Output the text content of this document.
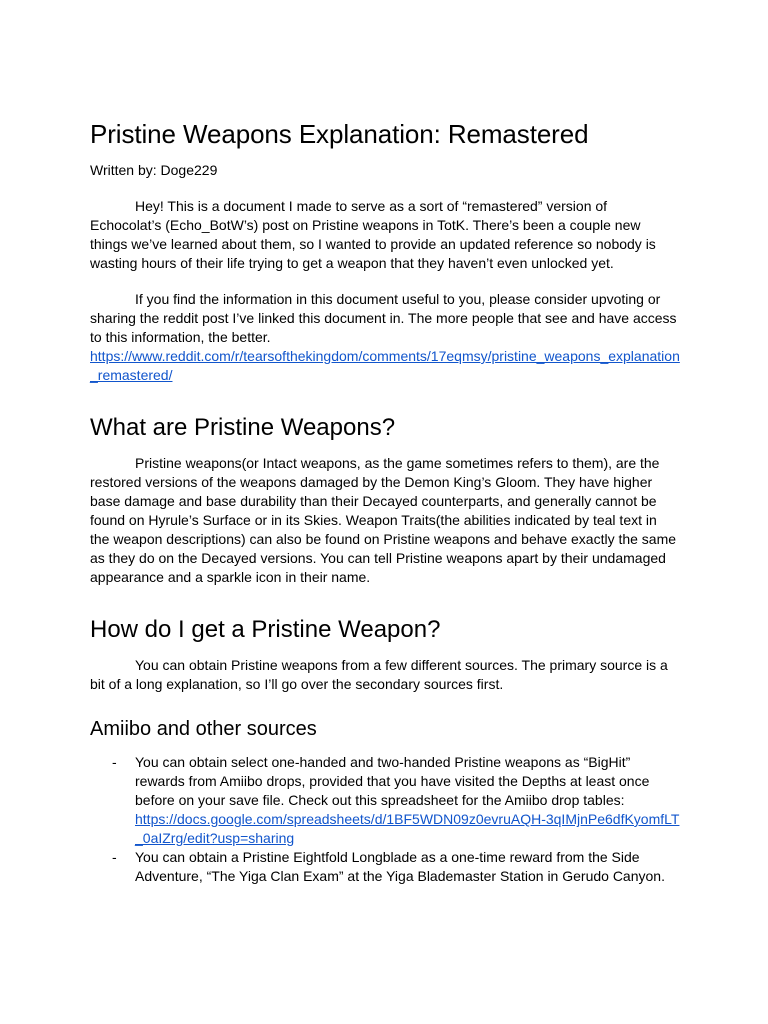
Pristine Weapons Explanation: Remastered
Written by: Doge229

Hey! This is a document I made to serve as a sort of “remastered” version of Echocolat’s (Echo_BotW’s) post on Pristine weapons in TotK. There’s been a couple new things we’ve learned about them, so I wanted to provide an updated reference so nobody is wasting hours of their life trying to get a weapon that they haven’t even unlocked yet.

If you find the information in this document useful to you, please consider upvoting or sharing the reddit post I’ve linked this document in. The more people that see and have access to this information, the better.

https://www.reddit.com/r/tearsofthekingdom/comments/17eqmsy/pristine_weapons_explanation_remastered/
What are Pristine Weapons?

Pristine weapons(or Intact weapons, as the game sometimes refers to them), are the restored versions of the weapons damaged by the Demon King’s Gloom. They have higher base damage and base durability than their Decayed counterparts, and generally cannot be found on Hyrule’s Surface or in its Skies. Weapon Traits(the abilities indicated by teal text in the weapon descriptions) can also be found on Pristine weapons and behave exactly the same as they do on the Decayed versions. You can tell Pristine weapons apart by their undamaged appearance and a sparkle icon in their name.

How do I get a Pristine Weapon?

You can obtain Pristine weapons from a few different sources. The primary source is a bit of a long explanation, so I’ll go over the secondary sources first.

Amiibo and other sources
- You can obtain select one-handed and two-handed Pristine weapons as “BigHit” rewards from Amiibo drops, provided that you have visited the Depths at least once before on your save file. Check out this spreadsheet for the Amiibo drop tables:
https://docs.google.com/spreadsheets/d/1BF5WDN09z0evruAQH-3qIMjnPe6dfKyomfLT_0aIZrg/edit?usp=sharing
- You can obtain a Pristine Eightfold Longblade as a one-time reward from the Side Adventure, “The Yiga Clan Exam” at the Yiga Blademaster Station in Gerudo Canyon.
